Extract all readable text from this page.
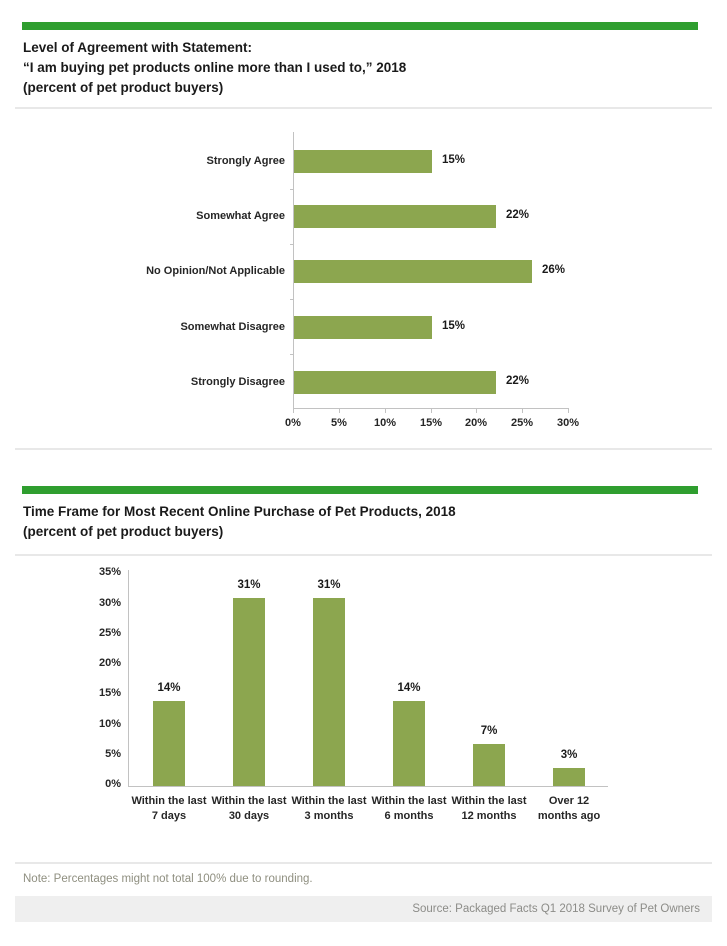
Level of Agreement with Statement:
“I am buying pet products online more than I used to,” 2018
(percent of pet product buyers)
Strongly Agree	15%
Somewhat Agree	22%
No Opinion/Not Applicable	26%
Somewhat Disagree	15%
Strongly Disagree	22%
0%	5%	10%	15%	20%	25%	30%
Time Frame for Most Recent Online Purchase of Pet Products, 2018
(percent of pet product buyers)
35%
30%
25%
20%
15%
10%
5%
0%
14%
Within the last
7 days
31%
Within the last
30 days
31%
Within the last
3 months
14%
Within the last
6 months
7%
Within the last
12 months
3%
Over 12
months ago
Note: Percentages might not total 100% due to rounding.
Source: Packaged Facts Q1 2018 Survey of Pet Owners
